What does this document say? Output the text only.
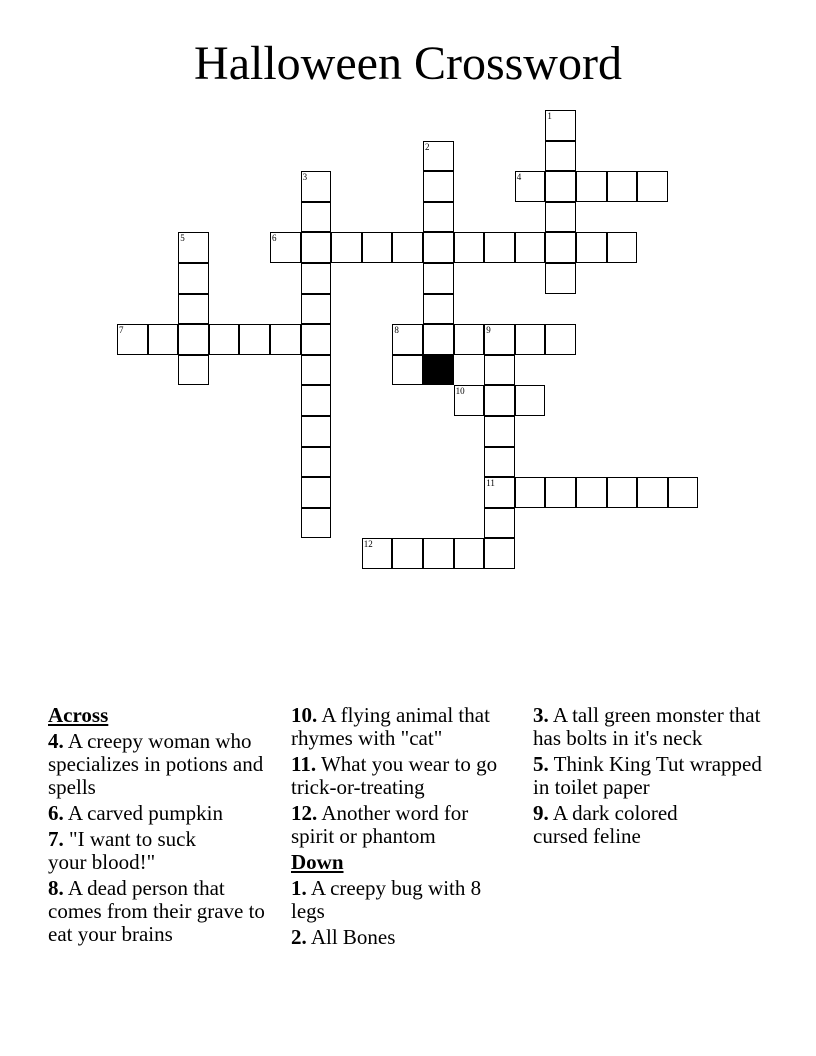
Halloween Crossword
1
2
3	4
5	6
7	8	9
11
10
12
Across
4. A creepy woman who specializes in potions and spells
6. A carved pumpkin
7. "I want to suck your blood!"
8. A dead person that comes from their grave to eat your brains
10. A flying animal that rhymes with "cat"
11. What you wear to go trick-or-treating
12. Another word for spirit or phantom
Down
1. A creepy bug with 8 legs
2. All Bones
3. A tall green monster that has bolts in it's neck
5. Think King Tut wrapped in toilet paper
9. A dark colored cursed feline
